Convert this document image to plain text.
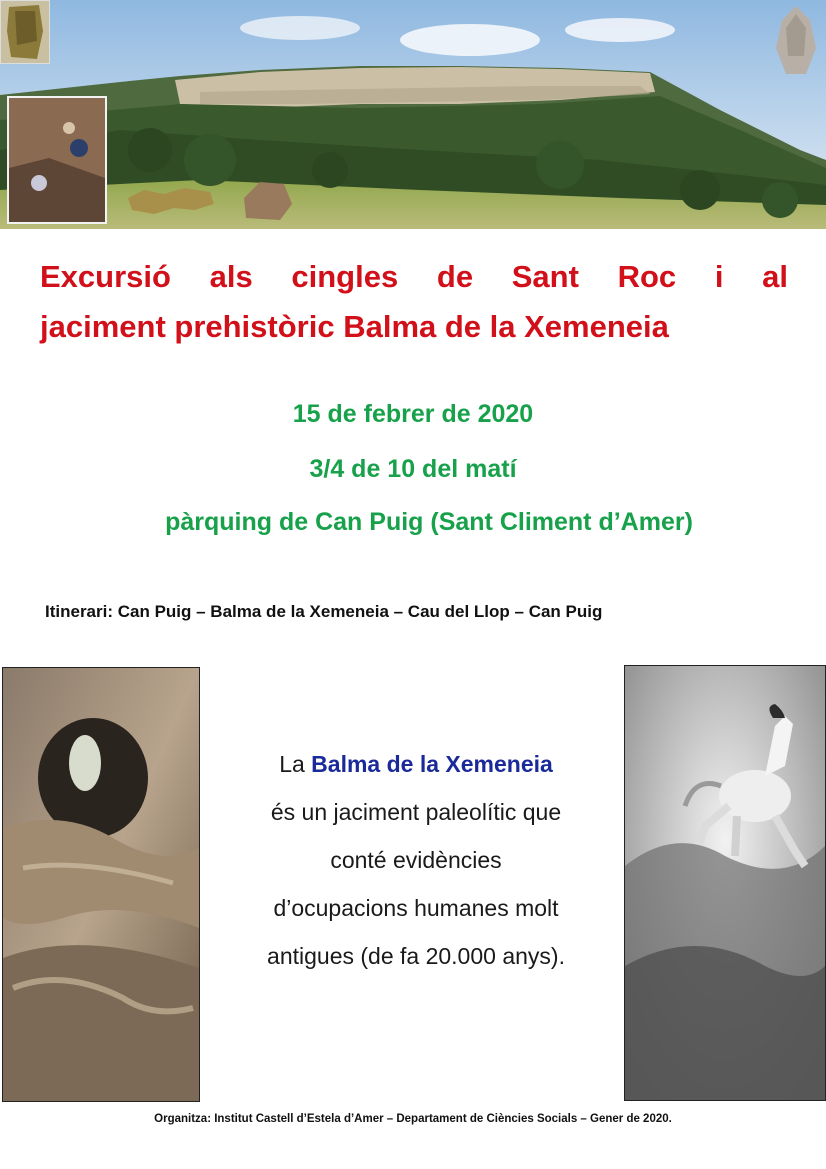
Excursió als cingles de Sant Roc i al
jaciment prehistòric Balma de la Xemeneia
15 de febrer de 2020
3/4 de 10 del matí
pàrquing de Can Puig (Sant Climent d’Amer)
Itinerari: Can Puig – Balma de la Xemeneia – Cau del Llop – Can Puig
La Balma de la Xemeneia
és un jaciment paleolític que
conté evidències
d’ocupacions humanes molt
antigues (de fa 20.000 anys).
Organitza: Institut Castell d’Estela d’Amer – Departament de Ciències Socials – Gener de 2020.
